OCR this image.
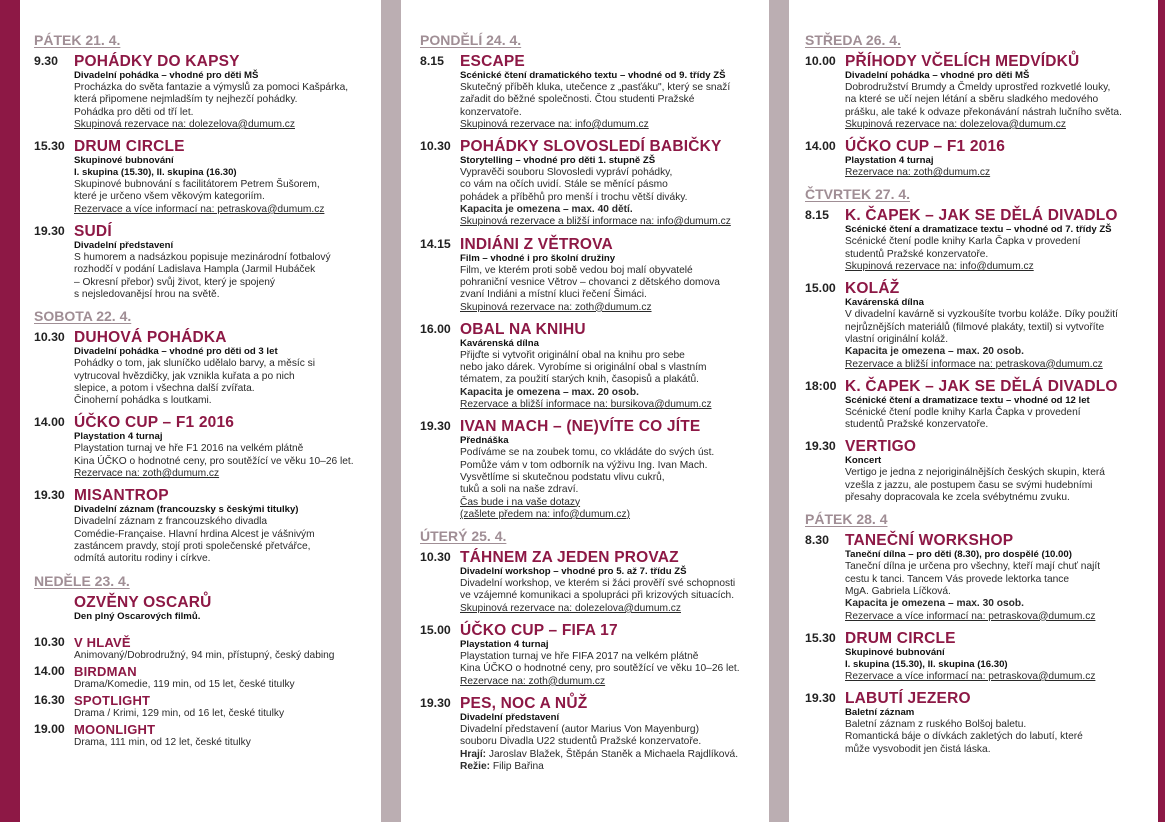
PÁTEK 21. 4.
9.30	POHÁDKY DO KAPSY
Divadelní pohádka – vhodné pro děti MŠ
Procházka do světa fantazie a výmyslů za pomoci Kašpárka,
která připomene nejmladším ty nejhezčí pohádky.
Pohádka pro děti od tří let.
Skupinová rezervace na: dolezelova@dumum.cz
15.30 DRUM CIRCLE
Skupinové bubnování
I. skupina (15.30), II. skupina (16.30)
Skupinové bubnování s facilitátorem Petrem Šušorem,
které je určeno všem věkovým kategoriím.
Rezervace a více informací na: petraskova@dumum.cz
19.30 SUDÍ
Divadelní představení
S humorem a nadsázkou popisuje mezinárodní fotbalový
rozhodčí v podání Ladislava Hampla (Jarmil Hubáček
– Okresní přebor) svůj život, který je spojený
s nejsledovanějsí hrou na světě.
SOBOTA 22. 4.
10.30 DUHOVÁ POHÁDKA
Divadelní pohádka – vhodné pro děti od 3 let
Pohádky o tom, jak sluníčko udělalo barvy, a měsíc si
vytrucoval hvězdičky, jak vznikla kuřata a po nich
slepice, a potom i všechna další zvířata.
Činoherní pohádka s loutkami.
14.00 ÚČKO CUP – F1 2016
Playstation 4 turnaj
Playstation turnaj ve hře F1 2016 na velkém plátně
Kina ÚČKO o hodnotné ceny, pro soutěžící ve věku 10–26 let.
Rezervace na: zoth@dumum.cz
19.30 MISANTROP
Divadelní záznam (francouzsky s českými titulky)
Divadelní záznam z francouzského divadla
Comédie-Française. Hlavní hrdina Alcest je vášnivým
zastáncem pravdy, stojí proti společenské přetvářce,
odmítá autoritu rodiny i církve.
NEDĚLE 23. 4.
OZVĚNY OSCARŮ
Den plný Oscarových filmů.
10.30 V HLAVĚ
Animovaný/Dobrodružný, 94 min, přístupný, český dabing
14.00 BIRDMAN
Drama/Komedie, 119 min, od 15 let, české titulky
16.30 SPOTLIGHT
Drama / Krimi, 129 min, od 16 let, české titulky
19.00 MOONLIGHT
Drama, 111 min, od 12 let, české titulky
PONDĚLÍ 24. 4.
8.15	ESCAPE
Scénické čtení dramatického textu – vhodné od 9. třídy ZŠ
Skutečný příběh kluka, utečence z „pasťáku", který se snaží
zařadit do běžné společnosti. Čtou studenti Pražské
konzervatoře.
Skupinová rezervace na: info@dumum.cz
10.30 POHÁDKY SLOVOSLEDÍ BABIČKY
Storytelling – vhodné pro děti 1. stupně ZŠ
Vypravěči souboru Slovosledi vypráví pohádky,
co vám na očích uvidí. Stále se měnící pásmo
pohádek a příběhů pro menší i trochu větší diváky.
Kapacita je omezena – max. 40 dětí.
Skupinová rezervace a bližší informace na: info@dumum.cz
14.15 INDIÁNI Z VĚTROVA
Film – vhodné i pro školní družiny
Film, ve kterém proti sobě vedou boj malí obyvatelé
pohraniční vesnice Větrov – chovanci z dětského domova
zvaní Indiáni a místní kluci řečení Šimáci.
Skupinová rezervace na: zoth@dumum.cz
16.00 OBAL NA KNIHU
Kavárenská dílna
Přijďte si vytvořit originální obal na knihu pro sebe
nebo jako dárek. Vyrobíme si originální obal s vlastním
tématem, za použití starých knih, časopisů a plakátů.
Kapacita je omezena – max. 20 osob.
Rezervace a bližší informace na: bursikova@dumum.cz
19.30 IVAN MACH – (NE)VÍTE CO JÍTE
Přednáška
Podíváme se na zoubek tomu, co vkládáte do svých úst.
Pomůže vám v tom odborník na výživu Ing. Ivan Mach.
Vysvětlíme si skutečnou podstatu vlivu cukrů,
tuků a soli na naše zdraví.
Čas bude i na vaše dotazy
(zašlete předem na: info@dumum.cz)
ÚTERÝ 25. 4.
10.30 TÁHNEM ZA JEDEN PROVAZ
Divadelní workshop – vhodné pro 5. až 7. třídu ZŠ
Divadelní workshop, ve kterém si žáci prověří své schopnosti
ve vzájemné komunikaci a spolupráci při krizových situacích.
Skupinová rezervace na: dolezelova@dumum.cz
15.00 ÚČKO CUP – FIFA 17
Playstation 4 turnaj
Playstation turnaj ve hře FIFA 2017 na velkém plátně
Kina ÚČKO o hodnotné ceny, pro soutěžící ve věku 10–26 let.
Rezervace na: zoth@dumum.cz
19.30 PES, NOC A NŮŽ
Divadelní představení
Divadelní představení (autor Marius Von Mayenburg)
souboru Divadla U22 studentů Pražské konzervatoře.
Hrají: Jaroslav Blažek, Štěpán Staněk a Michaela Rajdlíková.
Režie: Filip Bařina
STŘEDA 26. 4.
10.00 PŘÍHODY VČELÍCH MEDVÍDKŮ
Divadelní pohádka – vhodné pro děti MŠ
Dobrodružství Brumdy a Čmeldy uprostřed rozkvetlé louky,
na které se učí nejen létání a sběru sladkého medového
prášku, ale také k odvaze překonávání nástrah lučního světa.
Skupinová rezervace na: dolezelova@dumum.cz
14.00 ÚČKO CUP – F1 2016
Playstation 4 turnaj
Rezervace na: zoth@dumum.cz
ČTVRTEK 27. 4.
8.15	K. ČAPEK – JAK SE DĚLÁ DIVADLO
Scénické čtení a dramatizace textu – vhodné od 7. třídy ZŠ
Scénické čtení podle knihy Karla Čapka v provedení
studentů Pražské konzervatoře.
Skupinová rezervace na: info@dumum.cz
15.00 KOLÁŽ
Kavárenská dílna
V divadelní kavárně si vyzkoušíte tvorbu koláže. Díky použití
nejrůznějších materiálů (filmové plakáty, textil) si vytvoříte
vlastní originální koláž.
Kapacita je omezena – max. 20 osob.
Rezervace a bližší informace na: petraskova@dumum.cz
18:00 K. ČAPEK – JAK SE DĚLÁ DIVADLO
Scénické čtení a dramatizace textu – vhodné od 12 let
Scénické čtení podle knihy Karla Čapka v provedení
studentů Pražské konzervatoře.
19.30 VERTIGO
Koncert
Vertigo je jedna z nejoriginálnějších českých skupin, která
vzešla z jazzu, ale postupem času se svými hudebními
přesahy dopracovala ke zcela svébytnému zvuku.
PÁTEK 28. 4
8.30	TANEČNÍ WORKSHOP
Taneční dílna – pro děti (8.30), pro dospělé (10.00)
Taneční dílna je určena pro všechny, kteří mají chuť najít
cestu k tanci. Tancem Vás provede lektorka tance
MgA. Gabriela Líčková.
Kapacita je omezena – max. 30 osob.
Rezervace a více informací na: petraskova@dumum.cz
15.30 DRUM CIRCLE
Skupinové bubnování
I. skupina (15.30), II. skupina (16.30)
Rezervace a více informací na: petraskova@dumum.cz
19.30 LABUTÍ JEZERO
Baletní záznam
Baletní záznam z ruského Bolšoj baletu.
Romantická báje o dívkách zakletých do labutí, které
může vysvobodit jen čistá láska.
